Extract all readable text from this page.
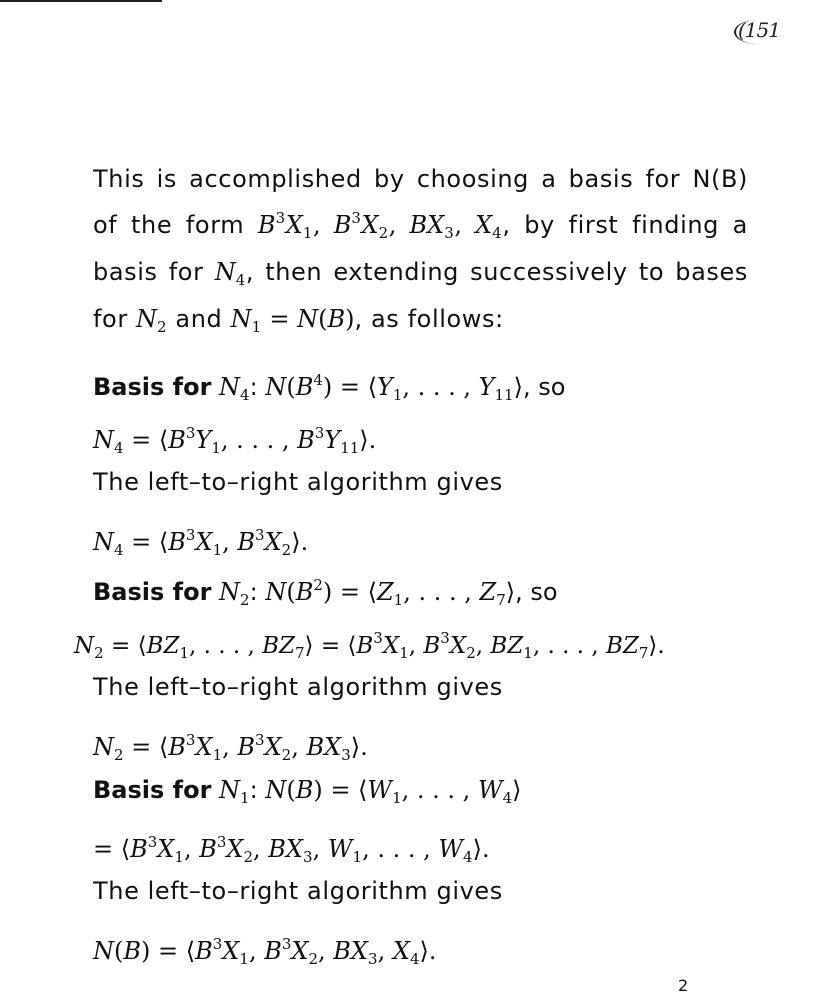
(151
This is accomplished by choosing a basis for N(B) of the form $B^3X_1$, $B^3X_2$, $BX_3$, $X_4$, by first finding a basis for $N_4$, then extending successively to bases for $N_2$ and $N_1 = N(B)$, as follows:
Basis for $N_4$: $N(B^4)$ = $⟨Y_1$, . . . , $Y_{11}⟩$, so
$N_4$ = $⟨B^3Y_1$, . . . , $B^3Y_{11}⟩$.
The left–to–right algorithm gives
$N_4$ = $⟨B^3X_1$, $B^3X_2⟩$.
Basis for $N_2$: $N(B^2)$ = $⟨Z_1$, . . . , $Z_7⟩$, so
$N_2$ = $⟨BZ_1$, . . . , $BZ_7⟩$ = $⟨B^3X_1$, $B^3X_2$, $BZ_1$, . . . , $BZ_7⟩$.
The left–to–right algorithm gives
$N_2$ = $⟨B^3X_1$, $B^3X_2$, $BX_3⟩$.
Basis for $N_1$: $N(B) = ⟨W_1$, . . . , $W_4⟩$
= $⟨B^3X_1$, $B^3X_2$, $BX_3$, $W_1$, . . . , $W_4⟩$.
The left–to–right algorithm gives
$N(B) = ⟨B^3X_1$, $B^3X_2$, $BX_3$, $X_4⟩$.
2
